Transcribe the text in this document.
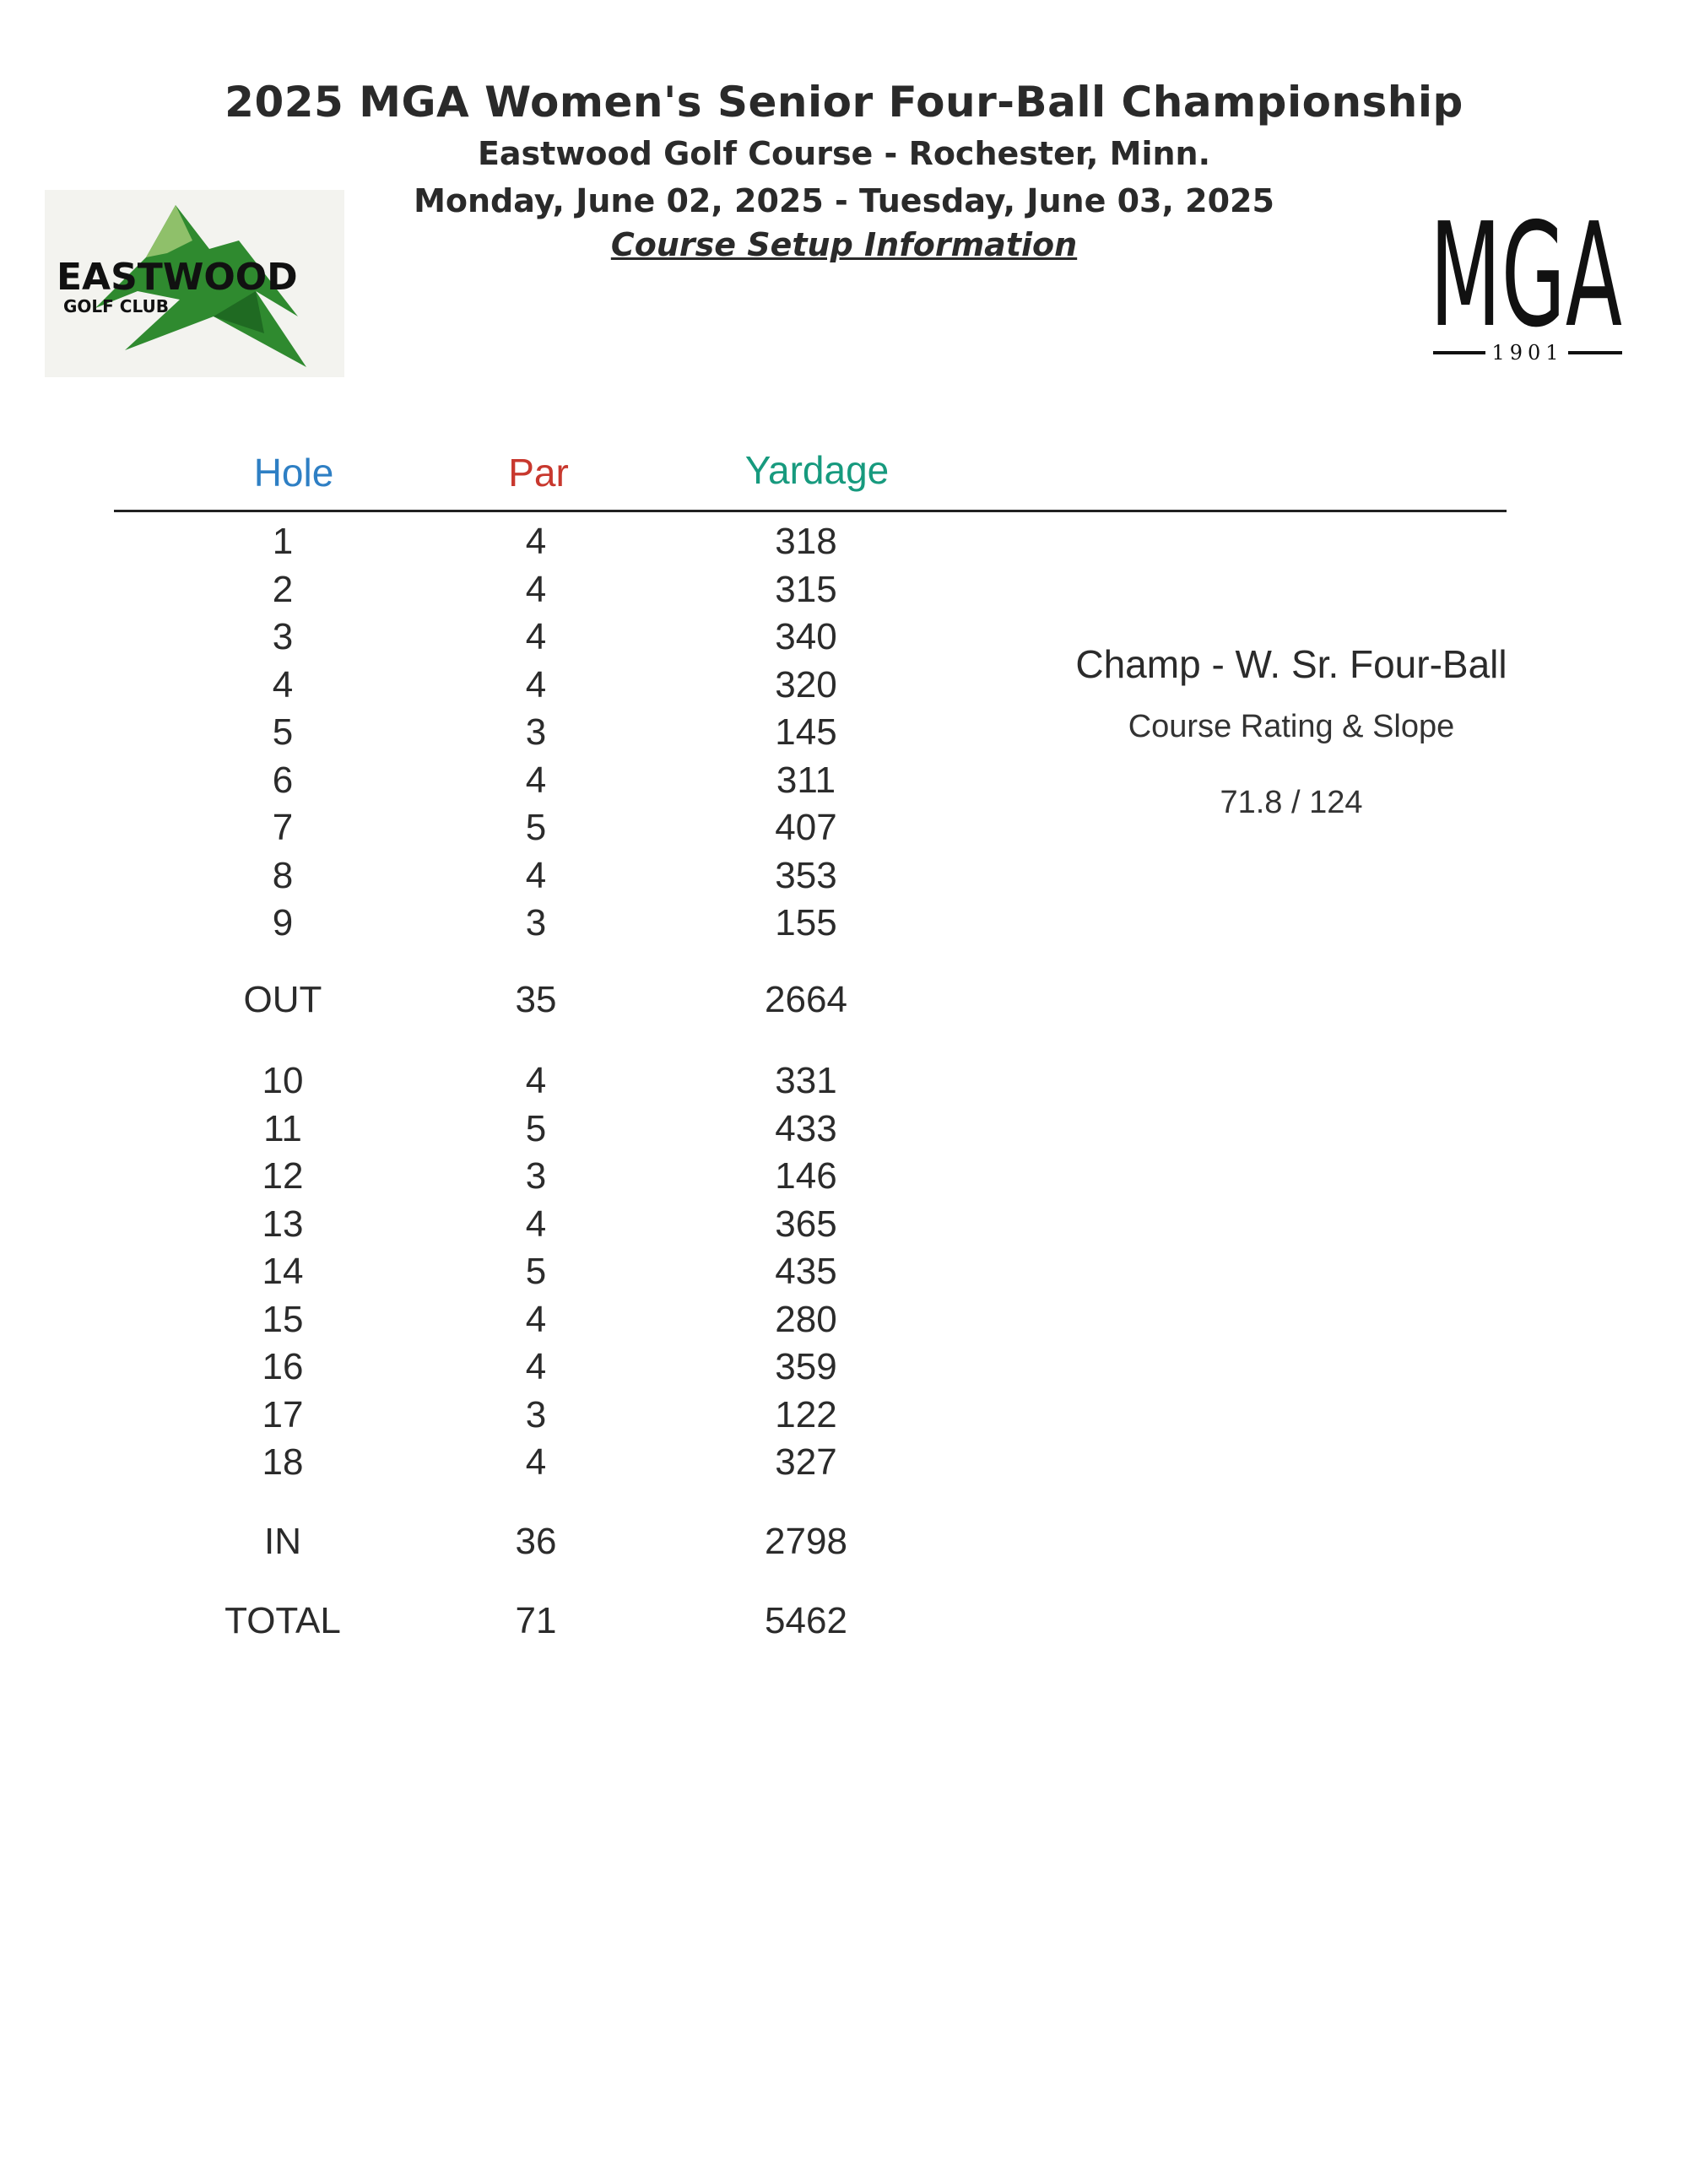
2025 MGA Women's Senior Four-Ball Championship
Eastwood Golf Course - Rochester, Minn.
Monday, June 02, 2025 - Tuesday, June 03, 2025
Course Setup Information
EASTWOOD
GOLF CLUB	MGA
1901
Hole	Par	Yardage
1	4	318
2	4	315
3	4	340
4	4	320
5	3	145
6	4	311
7	5	407
8	4	353
9	3	155
OUT	35	2664
10	4	331
11	5	433
12	3	146
13	4	365
14	5	435
15	4	280
16	4	359
17	3	122
18	4	327
IN	36	2798
TOTAL	71	5462
Champ - W. Sr. Four-Ball
Course Rating & Slope
71.8 / 124
